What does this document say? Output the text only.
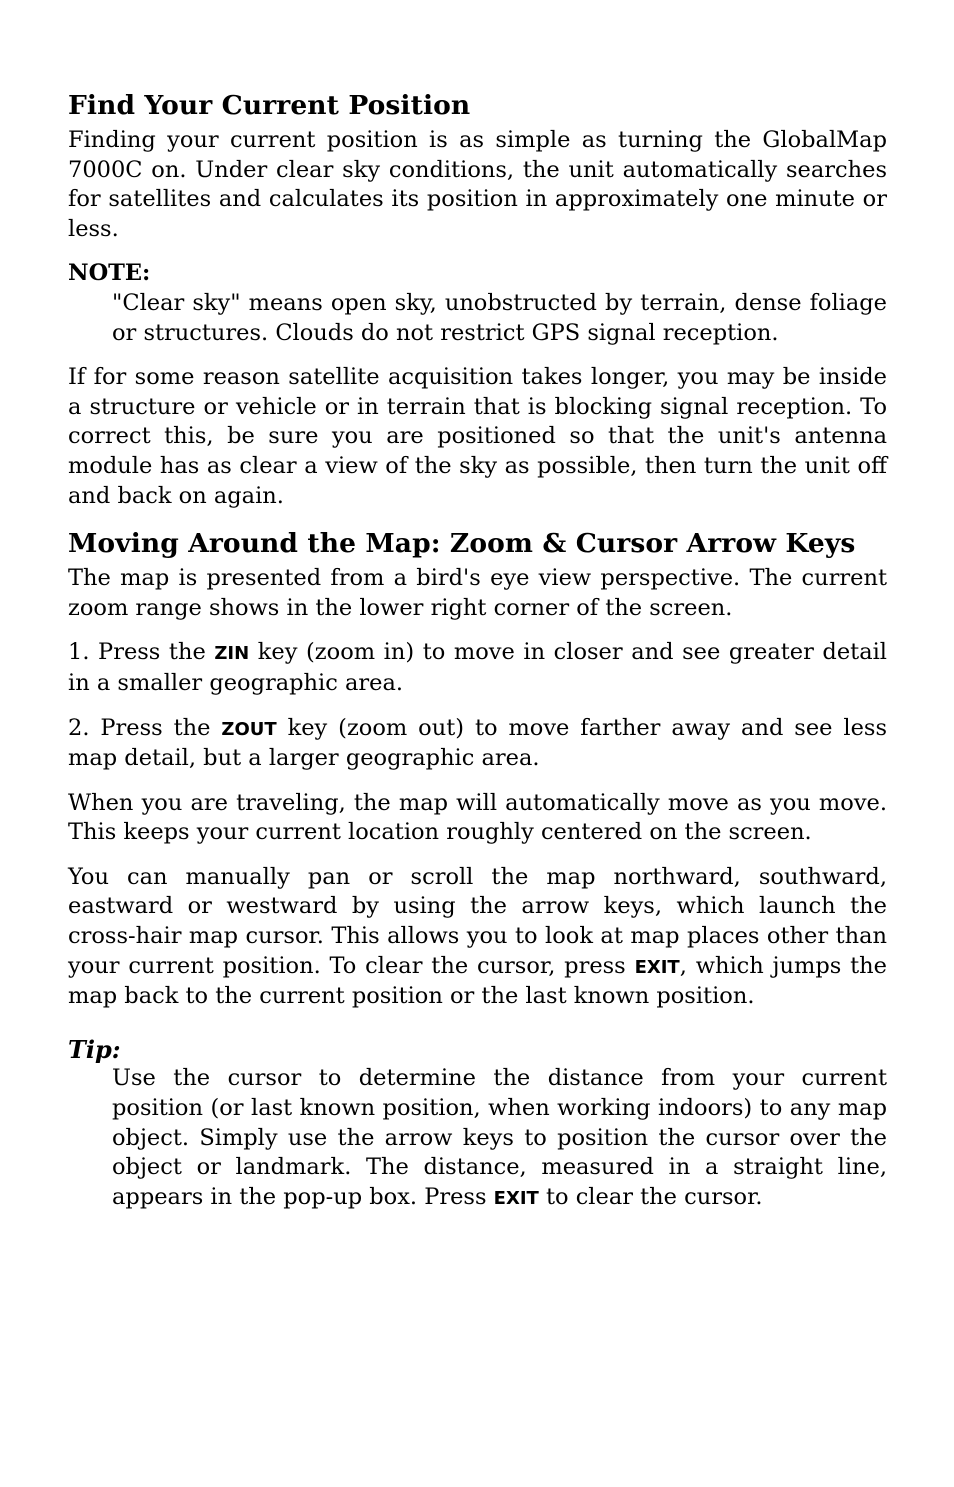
Find Your Current Position

Finding your current position is as simple as turning the GlobalMap 7000C on. Under clear sky conditions, the unit automatically searches for satellites and calculates its position in approximately one minute or less.

NOTE:

"Clear sky" means open sky, unobstructed by terrain, dense foliage or structures. Clouds do not restrict GPS signal reception.

If for some reason satellite acquisition takes longer, you may be inside a structure or vehicle or in terrain that is blocking signal reception. To correct this, be sure you are positioned so that the unit's antenna module has as clear a view of the sky as possible, then turn the unit off and back on again.

Moving Around the Map: Zoom & Cursor Arrow Keys

The map is presented from a bird's eye view perspective. The current zoom range shows in the lower right corner of the screen.

1. Press the ZIN key (zoom in) to move in closer and see greater detail in a smaller geographic area.

2. Press the ZOUT key (zoom out) to move farther away and see less map detail, but a larger geographic area.

When you are traveling, the map will automatically move as you move. This keeps your current location roughly centered on the screen.

You can manually pan or scroll the map northward, southward, eastward or westward by using the arrow keys, which launch the cross-hair map cursor. This allows you to look at map places other than your current position. To clear the cursor, press EXIT, which jumps the map back to the current position or the last known position.

Tip:

Use the cursor to determine the distance from your current position (or last known position, when working indoors) to any map object. Simply use the arrow keys to position the cursor over the object or landmark. The distance, measured in a straight line, appears in the pop-up box. Press EXIT to clear the cursor.
